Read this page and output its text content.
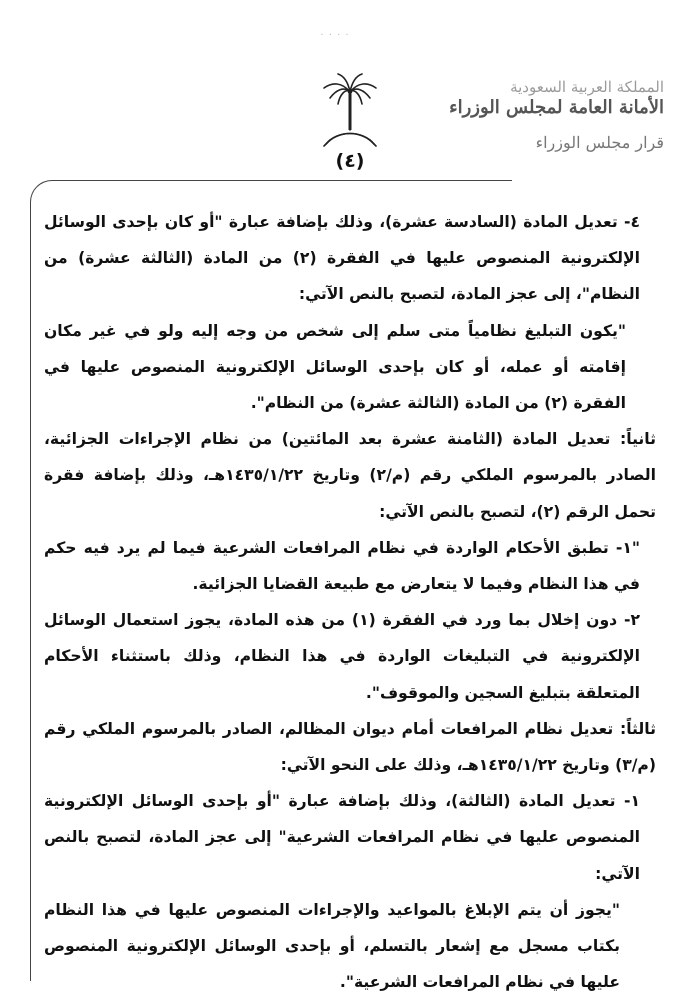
· · · ·
(٤)
المملكة العربية السعودية
الأمانة العامة لمجلس الوزراء
قرار مجلس الوزراء

٤- تعديل المادة (السادسة عشرة)، وذلك بإضافة عبارة "أو كان بإحدى الوسائل الإلكترونية المنصوص عليها في الفقرة (٢) من المادة (الثالثة عشرة) من النظام"، إلى عجز المادة، لتصبح بالنص الآتي:

"يكون التبليغ نظامياً متى سلم إلى شخص من وجه إليه ولو في غير مكان إقامته أو عمله، أو كان بإحدى الوسائل الإلكترونية المنصوص عليها في الفقرة (٢) من المادة (الثالثة عشرة) من النظام".

ثانياً: تعديل المادة (الثامنة عشرة بعد المائتين) من نظام الإجراءات الجزائية، الصادر بالمرسوم الملكي رقم (م/٢) وتاريخ ١٤٣٥/١/٢٢هـ، وذلك بإضافة فقرة تحمل الرقم (٢)، لتصبح بالنص الآتي:

"١- تطبق الأحكام الواردة في نظام المرافعات الشرعية فيما لم يرد فيه حكم في هذا النظام وفيما لا يتعارض مع طبيعة القضايا الجزائية.

٢- دون إخلال بما ورد في الفقرة (١) من هذه المادة، يجوز استعمال الوسائل الإلكترونية في التبليغات الواردة في هذا النظام، وذلك باستثناء الأحكام المتعلقة بتبليغ السجين والموقوف".

ثالثاً: تعديل نظام المرافعات أمام ديوان المظالم، الصادر بالمرسوم الملكي رقم (م/٣) وتاريخ ١٤٣٥/١/٢٢هـ، وذلك على النحو الآتي:

١- تعديل المادة (الثالثة)، وذلك بإضافة عبارة "أو بإحدى الوسائل الإلكترونية المنصوص عليها في نظام المرافعات الشرعية" إلى عجز المادة، لتصبح بالنص الآتي:

"يجوز أن يتم الإبلاغ بالمواعيد والإجراءات المنصوص عليها في هذا النظام بكتاب مسجل مع إشعار بالتسلم، أو بإحدى الوسائل الإلكترونية المنصوص عليها في نظام المرافعات الشرعية".
